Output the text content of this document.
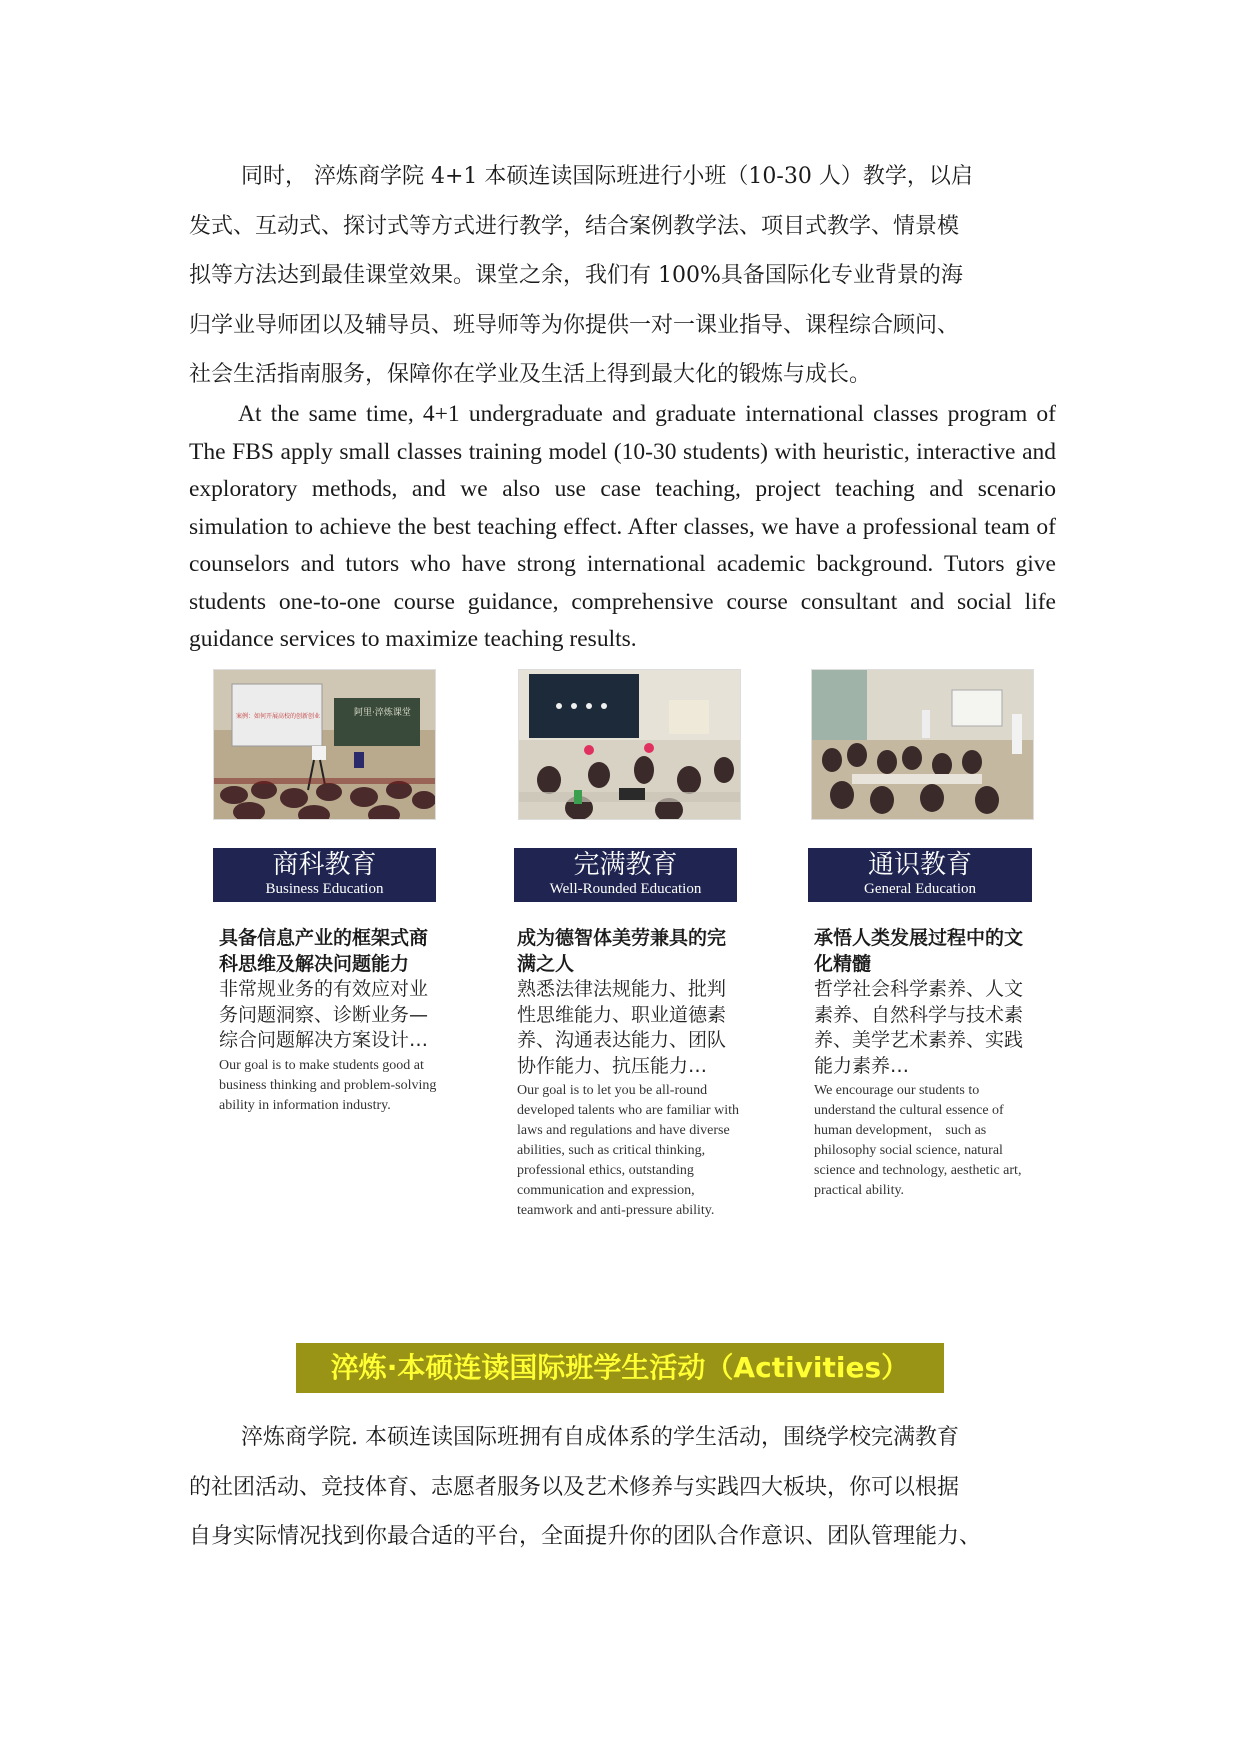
同时， 淬炼商学院 4+1 本硕连读国际班进行小班（10-30 人）教学，以启

发式、互动式、探讨式等方式进行教学，结合案例教学法、项目式教学、情景模

拟等方法达到最佳课堂效果。课堂之余，我们有 100%具备国际化专业背景的海

归学业导师团以及辅导员、班导师等为你提供一对一课业指导、课程综合顾问、

社会生活指南服务，保障你在学业及生活上得到最大化的锻炼与成长。

At the same time, 4+1 undergraduate and graduate international classes program of The FBS apply small classes training model (10-30 students) with heuristic, interactive and exploratory methods, and we also use case teaching, project teaching and scenario simulation to achieve the best teaching effect. After classes, we have a professional team of counselors and tutors who have strong international academic background. Tutors give students one-to-one course guidance, comprehensive course consultant and social life guidance services to maximize teaching results.

案例：如何开展高校的创新创业	阿里·淬炼课堂
商科教育
Business Education
完满教育
Well-Rounded Education
通识教育
General Education

具备信息产业的框架式商科思维及解决问题能力

非常规业务的有效应对业务问题洞察、诊断业务—综合问题解决方案设计…

Our goal is to make students good at business thinking and problem-solving ability in information industry.

成为德智体美劳兼具的完满之人

熟悉法律法规能力、批判性思维能力、职业道德素养、沟通表达能力、团队协作能力、抗压能力…

Our goal is to let you be all-round developed talents who are familiar with laws and regulations and have diverse abilities, such as critical thinking, professional ethics, outstanding communication and expression, teamwork and anti-pressure ability.

承悟人类发展过程中的文化精髓

哲学社会科学素养、人文素养、自然科学与技术素养、美学艺术素养、实践能力素养…

We encourage our students to understand the cultural essence of human development， such as philosophy social science, natural science and technology, aesthetic art, practical ability.

淬炼·本硕连读国际班学生活动（Activities）

淬炼商学院. 本硕连读国际班拥有自成体系的学生活动，围绕学校完满教育

的社团活动、竞技体育、志愿者服务以及艺术修养与实践四大板块，你可以根据

自身实际情况找到你最合适的平台，全面提升你的团队合作意识、团队管理能力、
